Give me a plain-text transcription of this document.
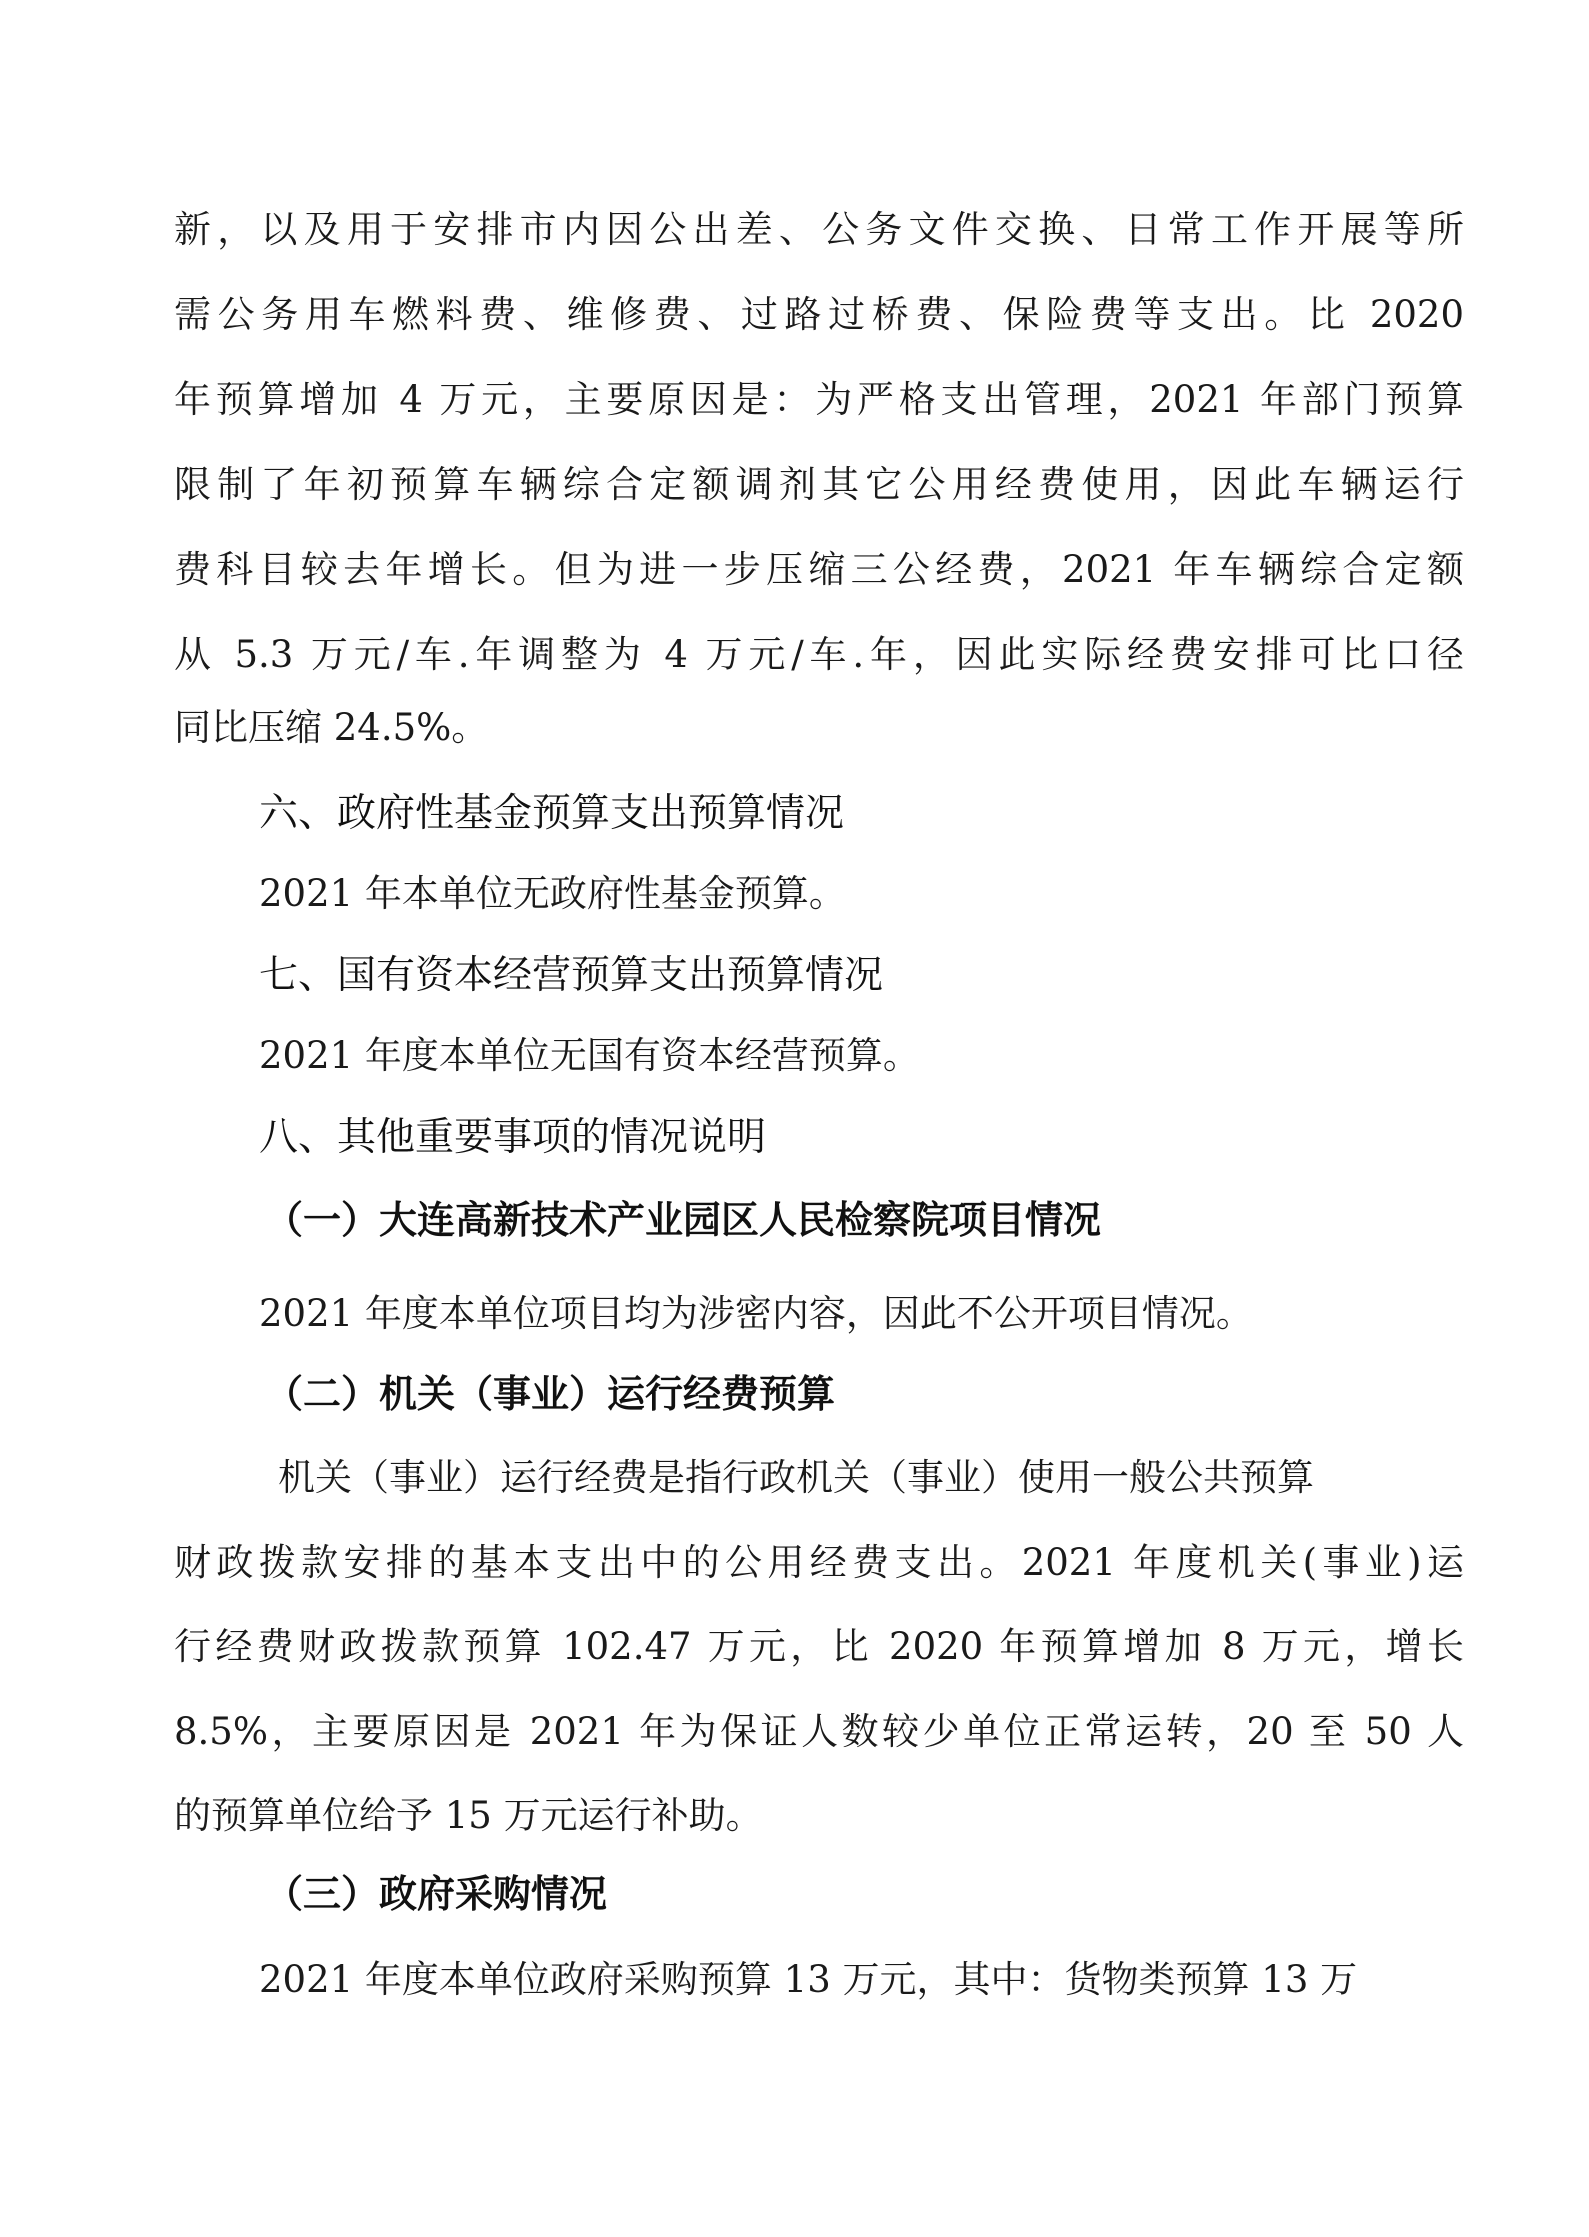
新，以及用于安排市内因公出差、公务文件交换、日常工作开展等所
需公务用车燃料费、维修费、过路过桥费、保险费等支出。比 2020
年预算增加 4 万元，主要原因是：为严格支出管理，2021 年部门预算
限制了年初预算车辆综合定额调剂其它公用经费使用，因此车辆运行
费科目较去年增长。但为进一步压缩三公经费，2021 年车辆综合定额
从 5.3 万元/车.年调整为 4 万元/车.年，因此实际经费安排可比口径
同比压缩 24.5%。
六、政府性基金预算支出预算情况
2021 年本单位无政府性基金预算。
七、国有资本经营预算支出预算情况
2021 年度本单位无国有资本经营预算。
八、其他重要事项的情况说明
（一）大连高新技术产业园区人民检察院项目情况
2021 年度本单位项目均为涉密内容，因此不公开项目情况。
（二）机关（事业）运行经费预算
机关（事业）运行经费是指行政机关（事业）使用一般公共预算
财政拨款安排的基本支出中的公用经费支出。2021 年度机关(事业)运
行经费财政拨款预算 102.47 万元，比 2020 年预算增加 8 万元，增长
8.5%，主要原因是 2021 年为保证人数较少单位正常运转，20 至 50 人
的预算单位给予 15 万元运行补助。
（三）政府采购情况
2021 年度本单位政府采购预算 13 万元，其中：货物类预算 13 万
